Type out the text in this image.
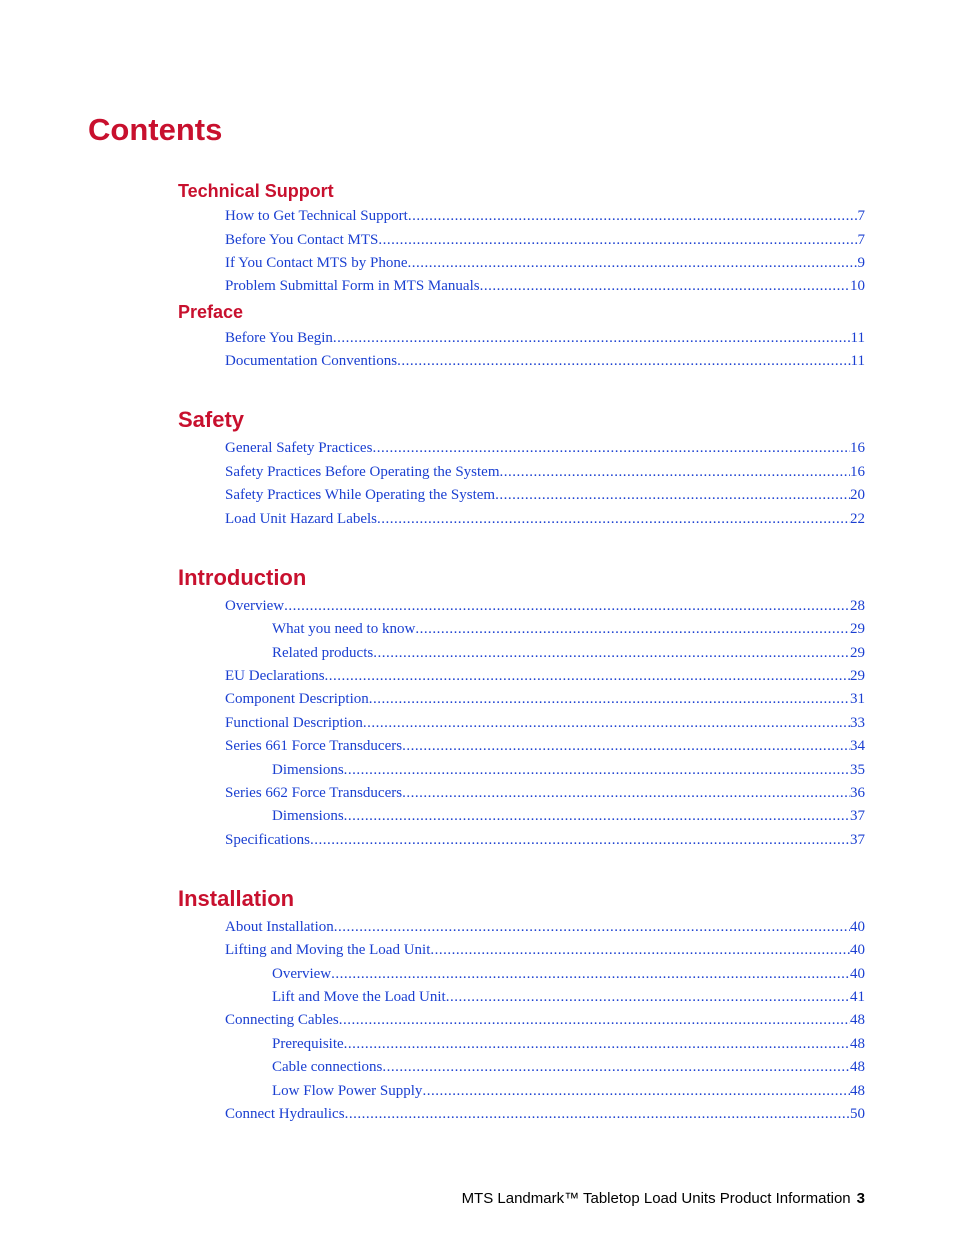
Contents
Technical Support
How to Get Technical Support .....	7
Before You Contact MTS .....	7
If You Contact MTS by Phone .....	9
Problem Submittal Form in MTS Manuals .....	10
Preface
Before You Begin .....	11
Documentation Conventions .....	11
Safety
General Safety Practices .....	16
Safety Practices Before Operating the System .....	16
Safety Practices While Operating the System .....	20
Load Unit Hazard Labels .....	22
Introduction
Overview .....	28
What you need to know .....	29
Related products .....	29
EU Declarations .....	29
Component Description .....	31
Functional Description .....	33
Series 661 Force Transducers .....	34
Dimensions .....	35
Series 662 Force Transducers .....	36
Dimensions .....	37
Specifications .....	37
Installation
About Installation .....	40
Lifting and Moving the Load Unit .....	40
Overview .....	40
Lift and Move the Load Unit .....	41
Connecting Cables .....	48
Prerequisite .....	48
Cable connections .....	48
Low Flow Power Supply .....	48
Connect Hydraulics .....	50
MTS Landmark™ Tabletop Load Units Product Information 3
